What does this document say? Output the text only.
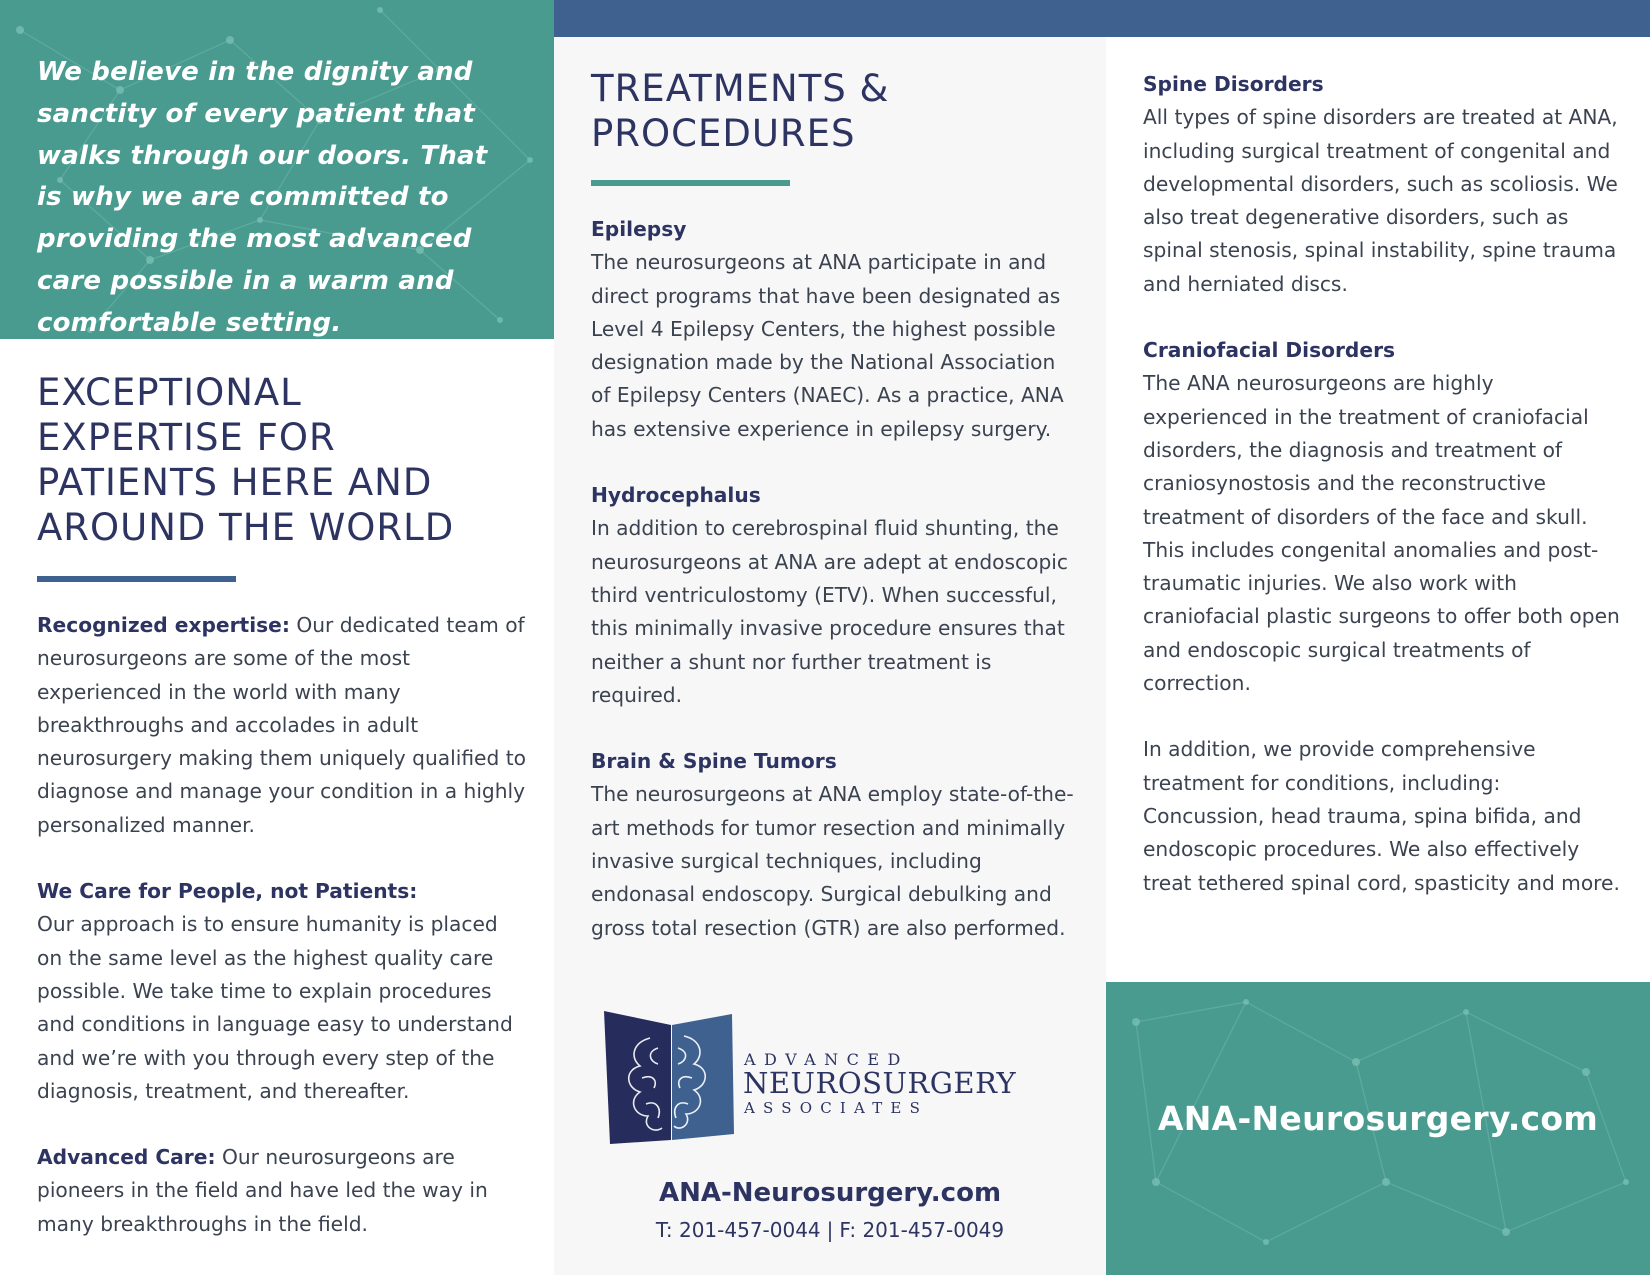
We believe in the dignity and sanctity of every patient that walks through our doors. That is why we are committed to providing the most advanced care possible in a warm and comfortable setting.
EXCEPTIONAL EXPERTISE FOR PATIENTS HERE AND AROUND THE WORLD
Recognized expertise: Our dedicated team of neurosurgeons are some of the most experienced in the world with many breakthroughs and accolades in adult neurosurgery making them uniquely qualified to diagnose and manage your condition in a highly personalized manner.
We Care for People, not Patients:
Our approach is to ensure humanity is placed on the same level as the highest quality care possible. We take time to explain procedures and conditions in language easy to understand and we’re with you through every step of the diagnosis, treatment, and thereafter.
Advanced Care: Our neurosurgeons are pioneers in the field and have led the way in many breakthroughs in the field.
TREATMENTS & PROCEDURES
Epilepsy
The neurosurgeons at ANA participate in and direct programs that have been designated as Level 4 Epilepsy Centers, the highest possible designation made by the National Association of Epilepsy Centers (NAEC). As a practice, ANA has extensive experience in epilepsy surgery.
Hydrocephalus
In addition to cerebrospinal fluid shunting, the neurosurgeons at ANA are adept at endoscopic third ventriculostomy (ETV). When successful, this minimally invasive procedure ensures that neither a shunt nor further treatment is required.
Brain & Spine Tumors
The neurosurgeons at ANA employ state-of-the-art methods for tumor resection and minimally invasive surgical techniques, including endonasal endoscopy. Surgical debulking and gross total resection (GTR) are also performed.
ADVANCED
NEUROSURGERY
ASSOCIATES
ANA-Neurosurgery.com
T: 201-457-0044 | F: 201-457-0049
Spine Disorders
All types of spine disorders are treated at ANA, including surgical treatment of congenital and developmental disorders, such as scoliosis. We also treat degenerative disorders, such as spinal stenosis, spinal instability, spine trauma and herniated discs.
Craniofacial Disorders
The ANA neurosurgeons are highly experienced in the treatment of craniofacial disorders, the diagnosis and treatment of craniosynostosis and the reconstructive treatment of disorders of the face and skull. This includes congenital anomalies and post-traumatic injuries. We also work with craniofacial plastic surgeons to offer both open and endoscopic surgical treatments of correction.
In addition, we provide comprehensive treatment for conditions, including: Concussion, head trauma, spina bifida, and endoscopic procedures. We also effectively treat tethered spinal cord, spasticity and more.
ANA-Neurosurgery.com
